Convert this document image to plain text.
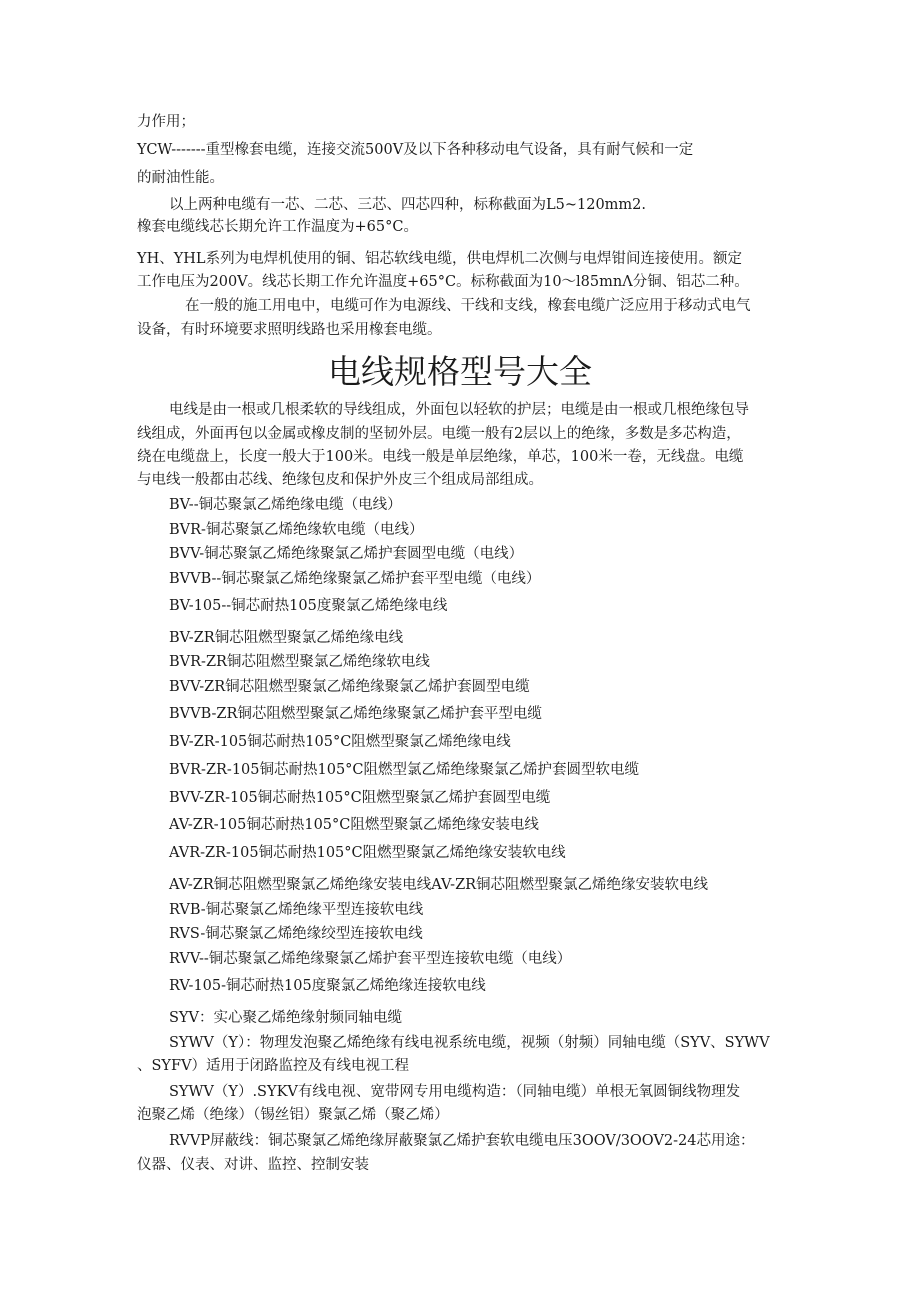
力作用；
YCW-------重型橡套电缆，连接交流500V及以下各种移动电气设备，具有耐气候和一定
的耐油性能。
以上两种电缆有一芯、二芯、三芯、四芯四种，标称截面为L5~120mm2.
橡套电缆线芯长期允许工作温度为+65°C。
YH、YHL系列为电焊机使用的铜、铝芯软线电缆，供电焊机二次侧与电焊钳间连接使用。额定
工作电压为200V。线芯长期工作允许温度+65°C。标称截面为10～l85mnΛ分铜、铝芯二种。
在一般的施工用电中，电缆可作为电源线、干线和支线，橡套电缆广泛应用于移动式电气
设备，有时环境要求照明线路也采用橡套电缆。
电线规格型号大全
电线是由一根或几根柔软的导线组成，外面包以轻软的护层；电缆是由一根或几根绝缘包导
线组成，外面再包以金属或橡皮制的坚韧外层。电缆一般有2层以上的绝缘，多数是多芯构造，
绕在电缆盘上，长度一般大于100米。电线一般是单层绝缘，单芯，100米一卷，无线盘。电缆
与电线一般都由芯线、绝缘包皮和保护外皮三个组成局部组成。
BV--铜芯聚氯乙烯绝缘电缆（电线）
BVR-铜芯聚氯乙烯绝缘软电缆（电线）
BVV-铜芯聚氯乙烯绝缘聚氯乙烯护套圆型电缆（电线）
BVVB--铜芯聚氯乙烯绝缘聚氯乙烯护套平型电缆（电线）
BV-105--铜芯耐热105度聚氯乙烯绝缘电线
BV-ZR铜芯阻燃型聚氯乙烯绝缘电线
BVR-ZR铜芯阻燃型聚氯乙烯绝缘软电线
BVV-ZR铜芯阻燃型聚氯乙烯绝缘聚氯乙烯护套圆型电缆
BVVB-ZR铜芯阻燃型聚氯乙烯绝缘聚氯乙烯护套平型电缆
BV-ZR-105铜芯耐热105°C阻燃型聚氯乙烯绝缘电线
BVR-ZR-105铜芯耐热105°C阻燃型氯乙烯绝缘聚氯乙烯护套圆型软电缆
BVV-ZR-105铜芯耐热105°C阻燃型聚氯乙烯护套圆型电缆
AV-ZR-105铜芯耐热105°C阻燃型聚氯乙烯绝缘安装电线
AVR-ZR-105铜芯耐热105°C阻燃型聚氯乙烯绝缘安装软电线
AV-ZR铜芯阻燃型聚氯乙烯绝缘安装电线AV-ZR铜芯阻燃型聚氯乙烯绝缘安装软电线
RVB-铜芯聚氯乙烯绝缘平型连接软电线
RVS-铜芯聚氯乙烯绝缘绞型连接软电线
RVV--铜芯聚氯乙烯绝缘聚氯乙烯护套平型连接软电缆（电线）
RV-105-铜芯耐热105度聚氯乙烯绝缘连接软电线
SYV：实心聚乙烯绝缘射频同轴电缆
SYWV（Y）：物理发泡聚乙烯绝缘有线电视系统电缆，视频（射频）同轴电缆（SYV、SYWV
、SYFV）适用于闭路监控及有线电视工程
SYWV（Y）.SYKV有线电视、宽带网专用电缆构造：（同轴电缆）单根无氧圆铜线物理发
泡聚乙烯（绝缘）（锡丝铝）聚氯乙烯（聚乙烯）
RVVP屏蔽线：铜芯聚氯乙烯绝缘屏蔽聚氯乙烯护套软电缆电压3OOV/3OOV2-24芯用途：
仪器、仪表、对讲、监控、控制安装
